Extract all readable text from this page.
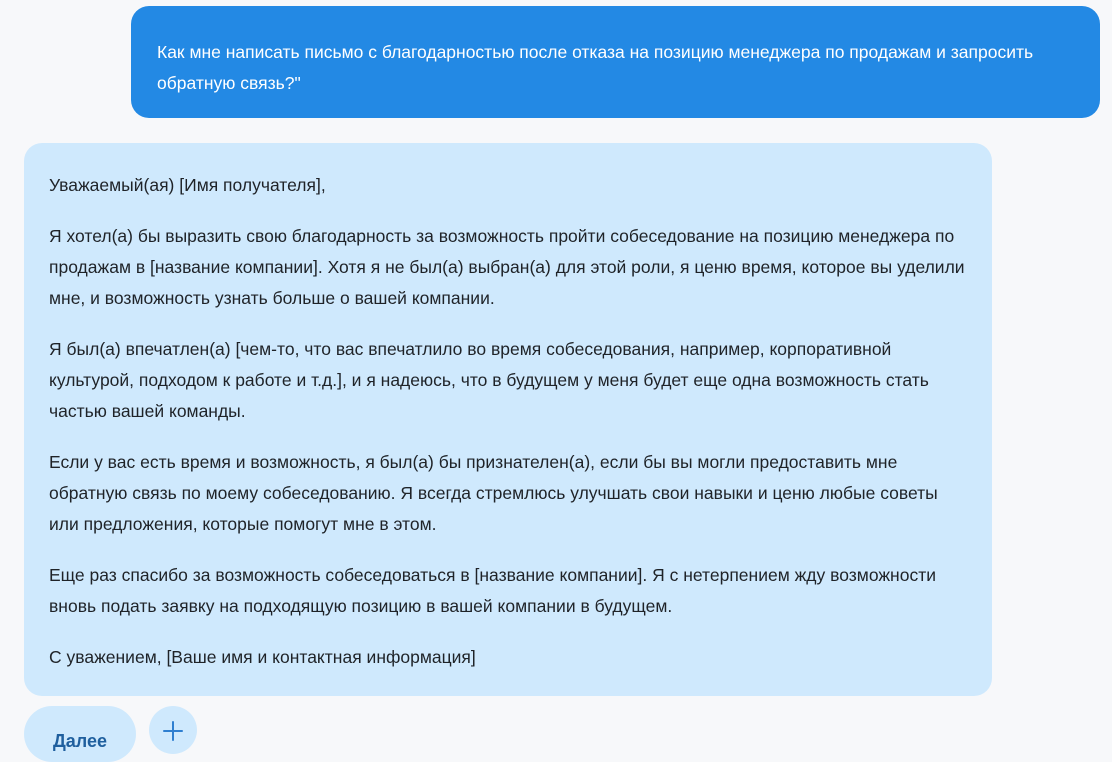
Как мне написать письмо с благодарностью после отказа на позицию менеджера по продажам и запросить обратную связь?"

Уважаемый(ая) [Имя получателя],

Я хотел(а) бы выразить свою благодарность за возможность пройти собеседование на позицию менеджера по продажам в [название компании]. Хотя я не был(а) выбран(а) для этой роли, я ценю время, которое вы уделили мне, и возможность узнать больше о вашей компании.

Я был(а) впечатлен(а) [чем-то, что вас впечатлило во время собеседования, например, корпоративной культурой, подходом к работе и т.д.], и я надеюсь, что в будущем у меня будет еще одна возможность стать частью вашей команды.

Если у вас есть время и возможность, я был(а) бы признателен(а), если бы вы могли предоставить мне обратную связь по моему собеседованию. Я всегда стремлюсь улучшать свои навыки и ценю любые советы или предложения, которые помогут мне в этом.

Еще раз спасибо за возможность собеседоваться в [название компании]. Я с нетерпением жду возможности вновь подать заявку на подходящую позицию в вашей компании в будущем.

С уважением, [Ваше имя и контактная информация]

Далее
